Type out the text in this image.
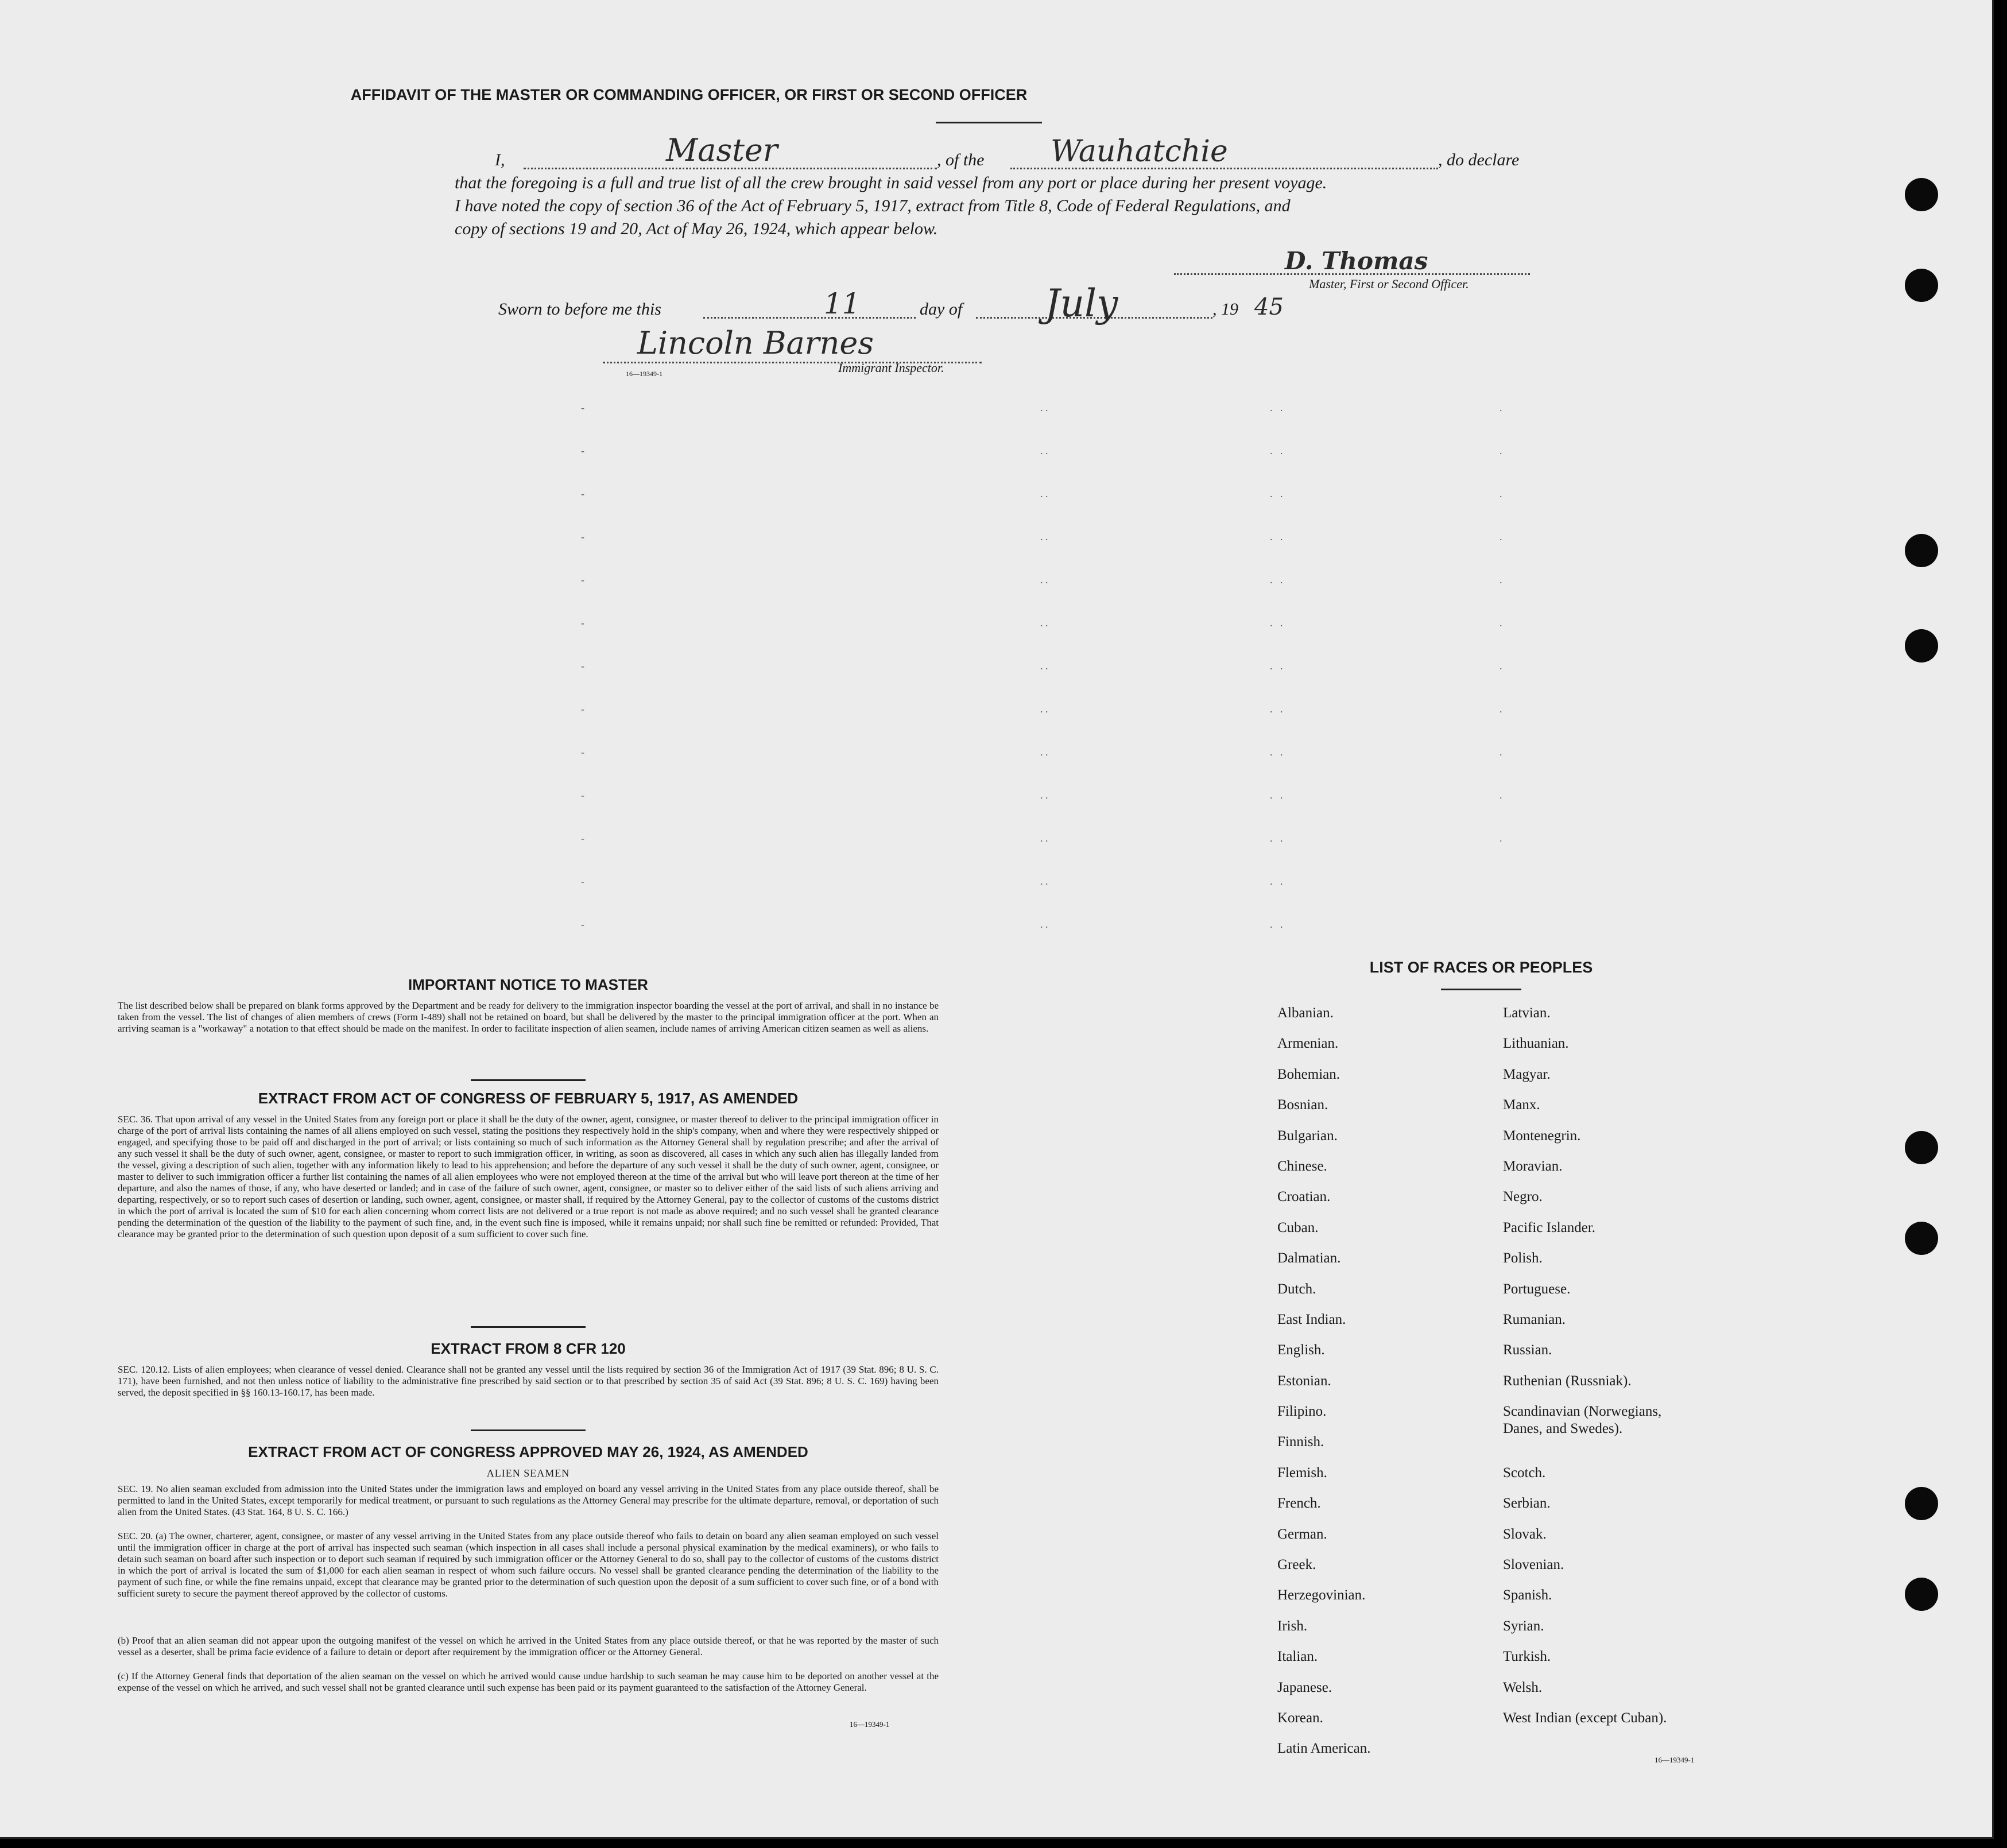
AFFIDAVIT OF THE MASTER OR COMMANDING OFFICER, OR FIRST OR SECOND OFFICER
I,	Master	, of the Wauhatchie	, do declare
that the foregoing is a full and true list of all the crew brought in said vessel from any port or place during her present voyage.
I have noted the copy of section 36 of the Act of February 5, 1917, extract from Title 8, Code of Federal Regulations, and
copy of sections 19 and 20, Act of May 26, 1924, which appear below.
D. Thomas
Master, First or Second Officer.
Sworn to before me this	11	day of July	, 19 45
Lincoln Barnes
Immigrant Inspector.
16—19349-1
-
-
-
-
-
-
-
-
-
-
-
-
-
. .
. .
. .
. .
. .
. .
. .
. .
. .
. .
. .
. .
. .
.   .
.   .
.   .
.   .
.   .
.   .
.   .
.   .
.   .
.   .
.   .
.   .
.   .
.
.
.
.
.
.
.
.
.
.
.
IMPORTANT NOTICE TO MASTER
The list described below shall be prepared on blank forms approved by the Department and be ready for delivery to the immigration inspector boarding the vessel at the port of arrival, and shall in no instance be taken from the vessel. The list of changes of alien members of crews (Form I-489) shall not be retained on board, but shall be delivered by the master to the principal immigration officer at the port. When an arriving seaman is a "workaway" a notation to that effect should be made on the manifest. In order to facilitate inspection of alien seamen, include names of arriving American citizen seamen as well as aliens.
EXTRACT FROM ACT OF CONGRESS OF FEBRUARY 5, 1917, AS AMENDED
SEC. 36. That upon arrival of any vessel in the United States from any foreign port or place it shall be the duty of the owner, agent, consignee, or master thereof to deliver to the principal immigration officer in charge of the port of arrival lists containing the names of all aliens employed on such vessel, stating the positions they respectively hold in the ship's company, when and where they were respectively shipped or engaged, and specifying those to be paid off and discharged in the port of arrival; or lists containing so much of such information as the Attorney General shall by regulation prescribe; and after the arrival of any such vessel it shall be the duty of such owner, agent, consignee, or master to report to such immigration officer, in writing, as soon as discovered, all cases in which any such alien has illegally landed from the vessel, giving a description of such alien, together with any information likely to lead to his apprehension; and before the departure of any such vessel it shall be the duty of such owner, agent, consignee, or master to deliver to such immigration officer a further list containing the names of all alien employees who were not employed thereon at the time of the arrival but who will leave port thereon at the time of her departure, and also the names of those, if any, who have deserted or landed; and in case of the failure of such owner, agent, consignee, or master so to deliver either of the said lists of such aliens arriving and departing, respectively, or so to report such cases of desertion or landing, such owner, agent, consignee, or master shall, if required by the Attorney General, pay to the collector of customs of the customs district in which the port of arrival is located the sum of $10 for each alien concerning whom correct lists are not delivered or a true report is not made as above required; and no such vessel shall be granted clearance pending the determination of the question of the liability to the payment of such fine, and, in the event such fine is imposed, while it remains unpaid; nor shall such fine be remitted or refunded: Provided, That clearance may be granted prior to the determination of such question upon deposit of a sum sufficient to cover such fine.
EXTRACT FROM 8 CFR 120
SEC. 120.12. Lists of alien employees; when clearance of vessel denied. Clearance shall not be granted any vessel until the lists required by section 36 of the Immigration Act of 1917 (39 Stat. 896; 8 U. S. C. 171), have been furnished, and not then unless notice of liability to the administrative fine prescribed by said section or to that prescribed by section 35 of said Act (39 Stat. 896; 8 U. S. C. 169) having been served, the deposit specified in §§ 160.13-160.17, has been made.
EXTRACT FROM ACT OF CONGRESS APPROVED MAY 26, 1924, AS AMENDED
ALIEN SEAMEN
SEC. 19. No alien seaman excluded from admission into the United States under the immigration laws and employed on board any vessel arriving in the United States from any place outside thereof, shall be permitted to land in the United States, except temporarily for medical treatment, or pursuant to such regulations as the Attorney General may prescribe for the ultimate departure, removal, or deportation of such alien from the United States. (43 Stat. 164, 8 U. S. C. 166.)
SEC. 20. (a) The owner, charterer, agent, consignee, or master of any vessel arriving in the United States from any place outside thereof who fails to detain on board any alien seaman employed on such vessel until the immigration officer in charge at the port of arrival has inspected such seaman (which inspection in all cases shall include a personal physical examination by the medical examiners), or who fails to detain such seaman on board after such inspection or to deport such seaman if required by such immigration officer or the Attorney General to do so, shall pay to the collector of customs of the customs district in which the port of arrival is located the sum of $1,000 for each alien seaman in respect of whom such failure occurs. No vessel shall be granted clearance pending the determination of the liability to the payment of such fine, or while the fine remains unpaid, except that clearance may be granted prior to the determination of such question upon the deposit of a sum sufficient to cover such fine, or of a bond with sufficient surety to secure the payment thereof approved by the collector of customs.
(b) Proof that an alien seaman did not appear upon the outgoing manifest of the vessel on which he arrived in the United States from any place outside thereof, or that he was reported by the master of such vessel as a deserter, shall be prima facie evidence of a failure to detain or deport after requirement by the immigration officer or the Attorney General.
(c) If the Attorney General finds that deportation of the alien seaman on the vessel on which he arrived would cause undue hardship to such seaman he may cause him to be deported on another vessel at the expense of the vessel on which he arrived, and such vessel shall not be granted clearance until such expense has been paid or its payment guaranteed to the satisfaction of the Attorney General.
16—19349-1
LIST OF RACES OR PEOPLES
Albanian.
Armenian.
Bohemian.
Bosnian.
Bulgarian.
Chinese.
Croatian.
Cuban.
Dalmatian.
Dutch.
East Indian.
English.
Estonian.
Filipino.
Finnish.
Flemish.
French.
German.
Greek.
Herzegovinian.
Irish.
Italian.
Japanese.
Korean.
Latin American.
Latvian.
Lithuanian.
Magyar.
Manx.
Montenegrin.
Moravian.
Negro.
Pacific Islander.
Polish.
Portuguese.
Rumanian.
Russian.
Ruthenian (Russniak).
Scandinavian (Norwegians, Danes, and Swedes).
Scotch.
Serbian.
Slovak.
Slovenian.
Spanish.
Syrian.
Turkish.
Welsh.
West Indian (except Cuban).
16—19349-1
